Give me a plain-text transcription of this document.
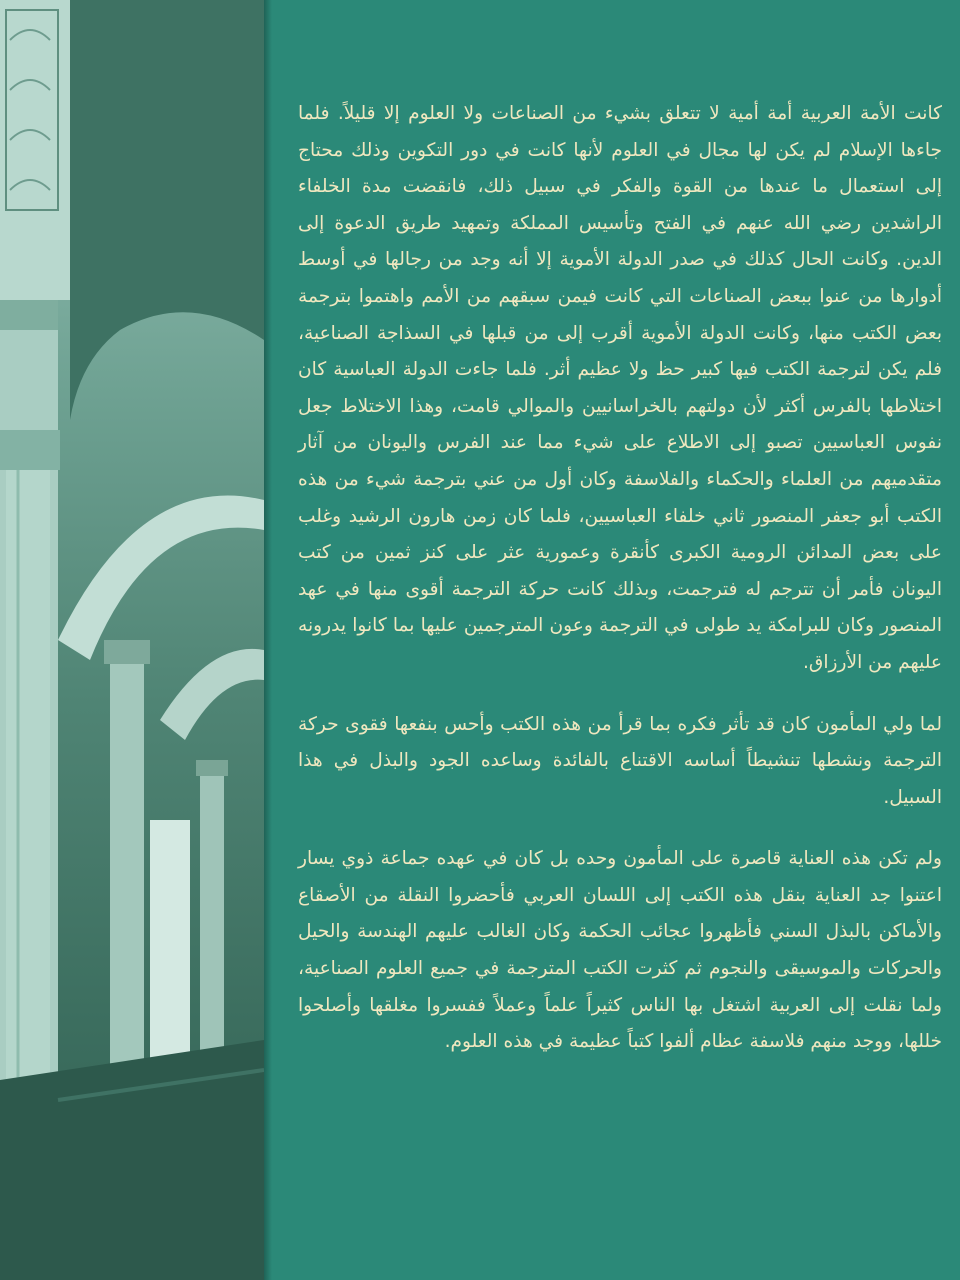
كانت الأمة العربية أمة أمية لا تتعلق بشيء من الصناعات ولا العلوم إلا قليلاً. فلما جاءها الإسلام لم يكن لها مجال في العلوم لأنها كانت في دور التكوين وذلك محتاج إلى استعمال ما عندها من القوة والفكر في سبيل ذلك، فانقضت مدة الخلفاء الراشدين رضي الله عنهم في الفتح وتأسيس المملكة وتمهيد طريق الدعوة إلى الدين. وكانت الحال كذلك في صدر الدولة الأموية إلا أنه وجد من رجالها في أوسط أدوارها من عنوا ببعض الصناعات التي كانت فيمن سبقهم من الأمم واهتموا بترجمة بعض الكتب منها، وكانت الدولة الأموية أقرب إلى من قبلها في السذاجة الصناعية، فلم يكن لترجمة الكتب فيها كبير حظ ولا عظيم أثر. فلما جاءت الدولة العباسية كان اختلاطها بالفرس أكثر لأن دولتهم بالخراسانيين والموالي قامت، وهذا الاختلاط جعل نفوس العباسيين تصبو إلى الاطلاع على شيء مما عند الفرس واليونان من آثار متقدميهم من العلماء والحكماء والفلاسفة وكان أول من عني بترجمة شيء من هذه الكتب أبو جعفر المنصور ثاني خلفاء العباسيين، فلما كان زمن هارون الرشيد وغلب على بعض المدائن الرومية الكبرى كأنقرة وعمورية عثر على كنز ثمين من كتب اليونان فأمر أن تترجم له فترجمت، وبذلك كانت حركة الترجمة أقوى منها في عهد المنصور وكان للبرامكة يد طولى في الترجمة وعون المترجمين عليها بما كانوا يدرونه عليهم من الأرزاق.

لما ولي المأمون كان قد تأثر فكره بما قرأ من هذه الكتب وأحس بنفعها فقوى حركة الترجمة ونشطها تنشيطاً أساسه الاقتناع بالفائدة وساعده الجود والبذل في هذا السبيل.

ولم تكن هذه العناية قاصرة على المأمون وحده بل كان في عهده جماعة ذوي يسار اعتنوا جد العناية بنقل هذه الكتب إلى اللسان العربي فأحضروا النقلة من الأصقاع والأماكن بالبذل السني فأظهروا عجائب الحكمة وكان الغالب عليهم الهندسة والحيل والحركات والموسيقى والنجوم ثم كثرت الكتب المترجمة في جميع العلوم الصناعية، ولما نقلت إلى العربية اشتغل بها الناس كثيراً علماً وعملاً ففسروا مغلقها وأصلحوا خللها، ووجد منهم فلاسفة عظام ألفوا كتباً عظيمة في هذه العلوم.
